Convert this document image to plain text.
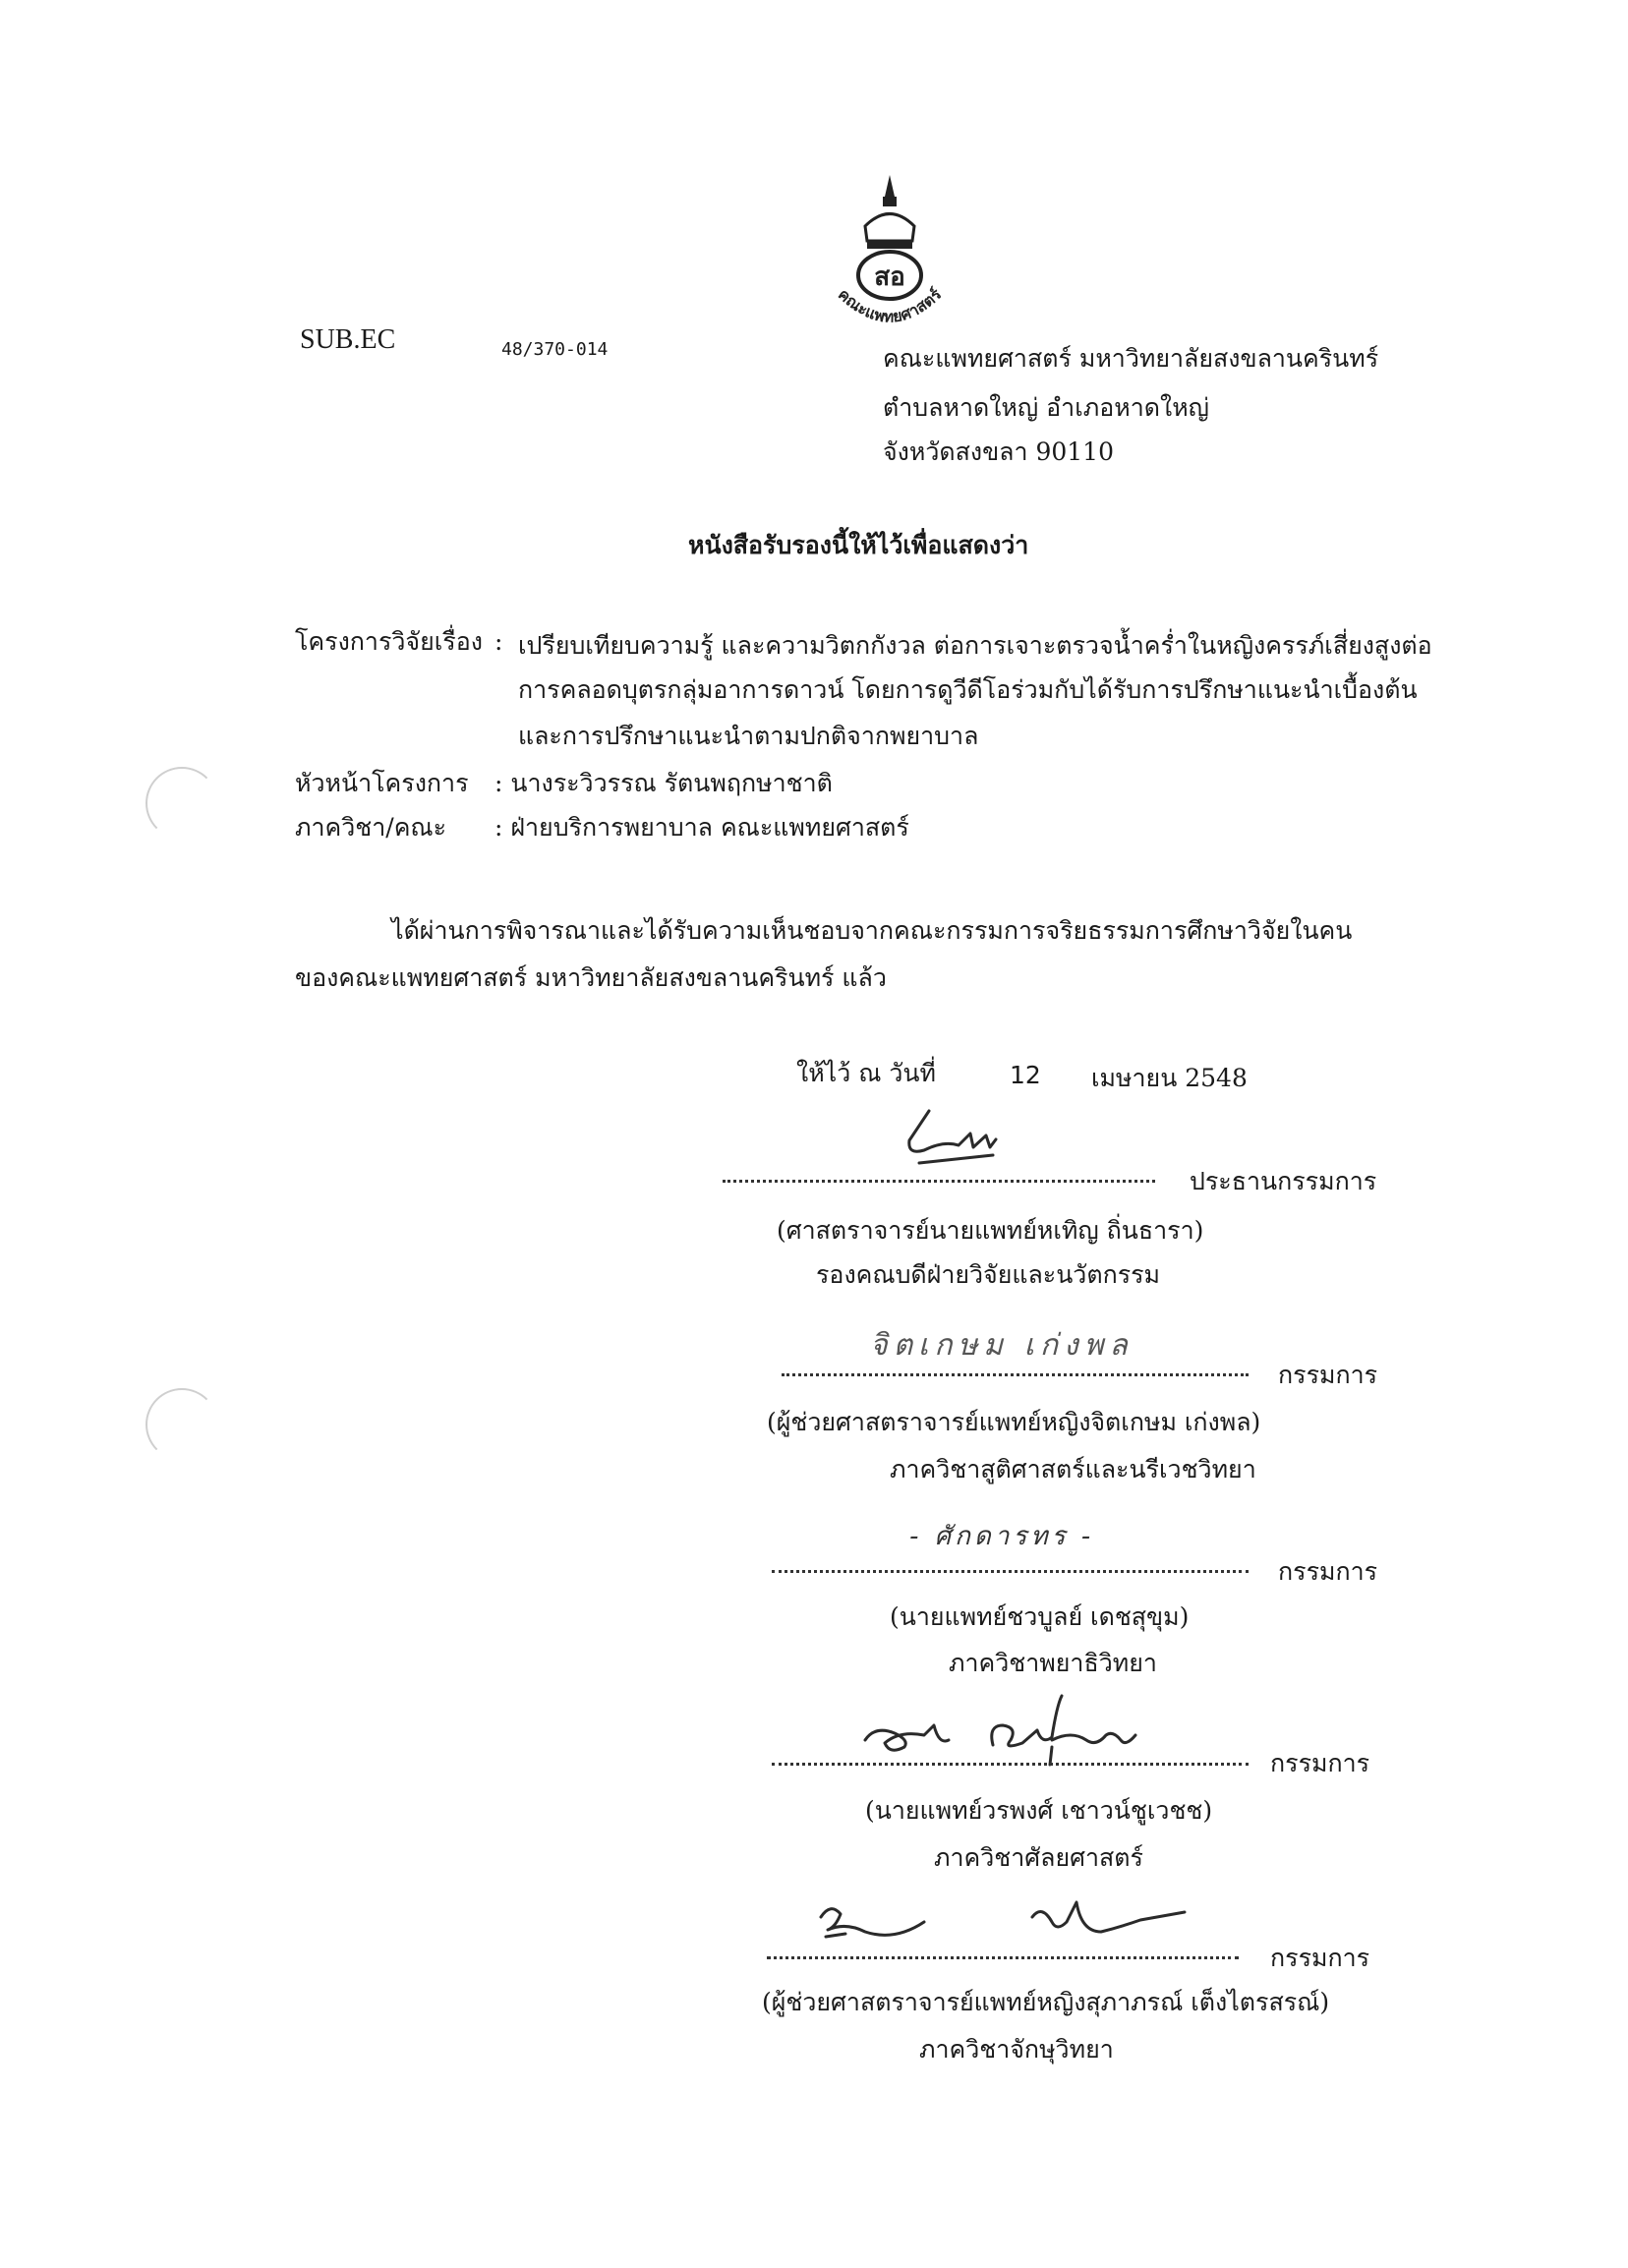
สอ
คณะแพทยศาสตร์
SUB.EC	48/370-014	คณะแพทยศาสตร์ มหาวิทยาลัยสงขลานครินทร์
ตำบลหาดใหญ่ อำเภอหาดใหญ่
จังหวัดสงขลา 90110
หนังสือรับรองนี้ให้ไว้เพื่อแสดงว่า
โครงการวิจัยเรื่อง : เปรียบเทียบความรู้ และความวิตกกังวล ต่อการเจาะตรวจน้ำคร่ำในหญิงครรภ์เสี่ยงสูงต่อ
การคลอดบุตรกลุ่มอาการดาวน์ โดยการดูวีดีโอร่วมกับได้รับการปรึกษาแนะนำเบื้องต้น
และการปรึกษาแนะนำตามปกติจากพยาบาล
หัวหน้าโครงการ : นางระวิวรรณ รัตนพฤกษาชาติ
ภาควิชา/คณะ : ฝ่ายบริการพยาบาล คณะแพทยศาสตร์
ได้ผ่านการพิจารณาและได้รับความเห็นชอบจากคณะกรรมการจริยธรรมการศึกษาวิจัยในคน
ของคณะแพทยศาสตร์ มหาวิทยาลัยสงขลานครินทร์ แล้ว
ให้ไว้ ณ วันที่	12 เมษายน 2548
ประธานกรรมการ
(ศาสตราจารย์นายแพทย์หเทิญ ถิ่นธารา)
รองคณบดีฝ่ายวิจัยและนวัตกรรม
จิตเกษม เก่งพล
กรรมการ
(ผู้ช่วยศาสตราจารย์แพทย์หญิงจิตเกษม เก่งพล)
ภาควิชาสูติศาสตร์และนรีเวชวิทยา
- ศักดารทร -
กรรมการ
(นายแพทย์ชวบูลย์ เดชสุขุม)
ภาควิชาพยาธิวิทยา
กรรมการ
(นายแพทย์วรพงศ์ เชาวน์ชูเวชช)
ภาควิชาศัลยศาสตร์
กรรมการ
(ผู้ช่วยศาสตราจารย์แพทย์หญิงสุภาภรณ์ เต็งไตรสรณ์)
ภาควิชาจักษุวิทยา
